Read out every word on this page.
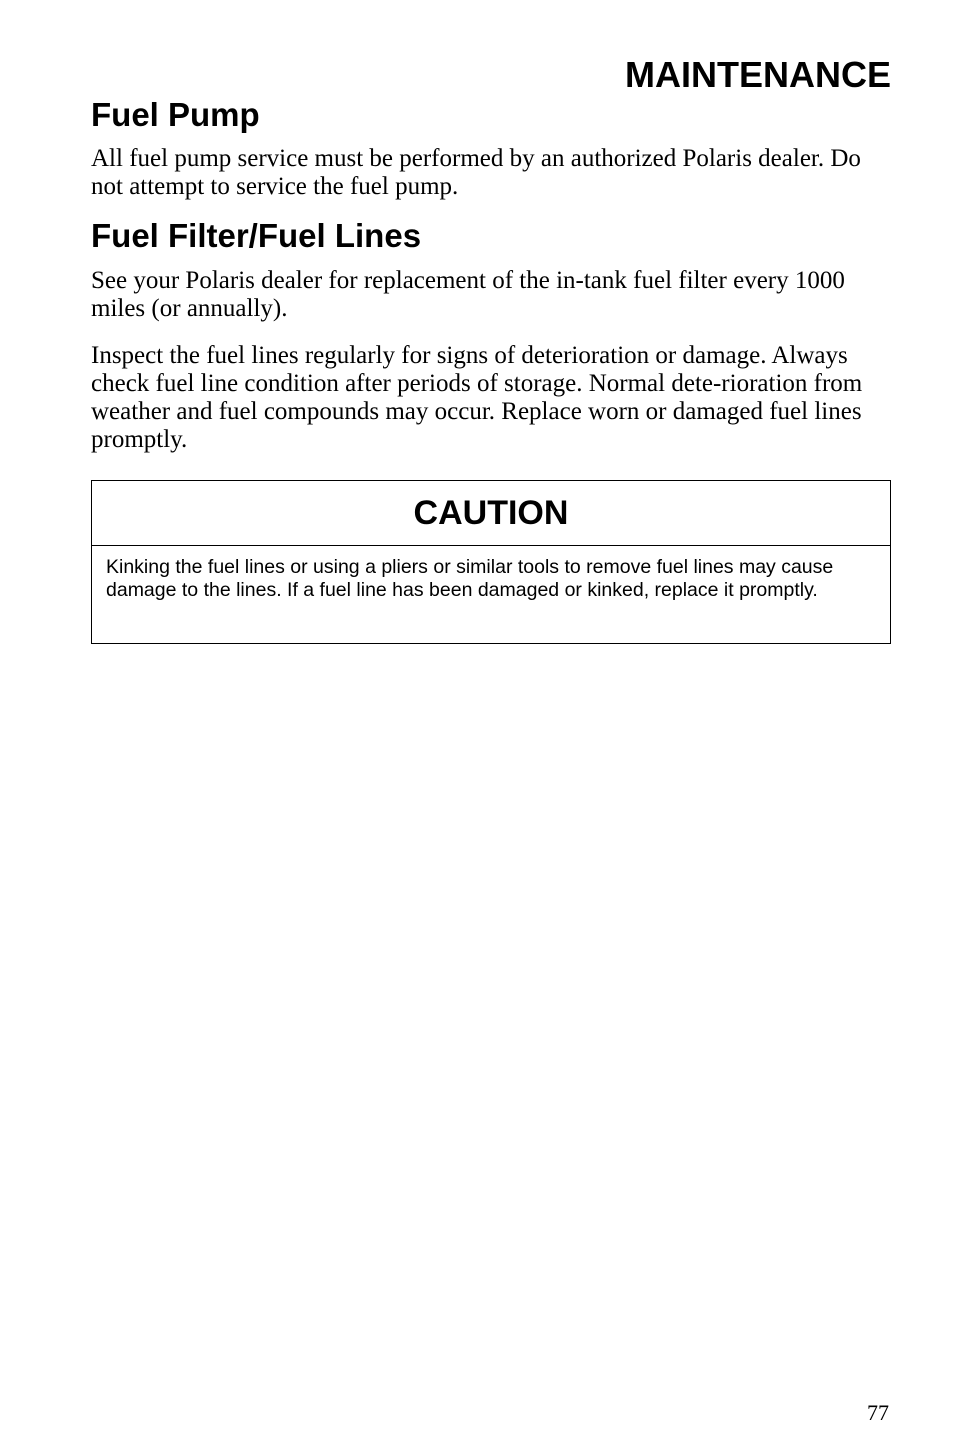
MAINTENANCE
Fuel Pump

All fuel pump service must be performed by an authorized Polaris dealer. Do not attempt to service the fuel pump.

Fuel Filter/Fuel Lines

See your Polaris dealer for replacement of the in-tank fuel filter every 1000 miles (or annually).

Inspect the fuel lines regularly for signs of deterioration or damage. Always check fuel line condition after periods of storage. Normal dete-rioration from weather and fuel compounds may occur. Replace worn or damaged fuel lines promptly.

CAUTION

Kinking the fuel lines or using a pliers or similar tools to remove fuel lines may cause damage to the lines. If a fuel line has been damaged or kinked, replace it promptly.

77
